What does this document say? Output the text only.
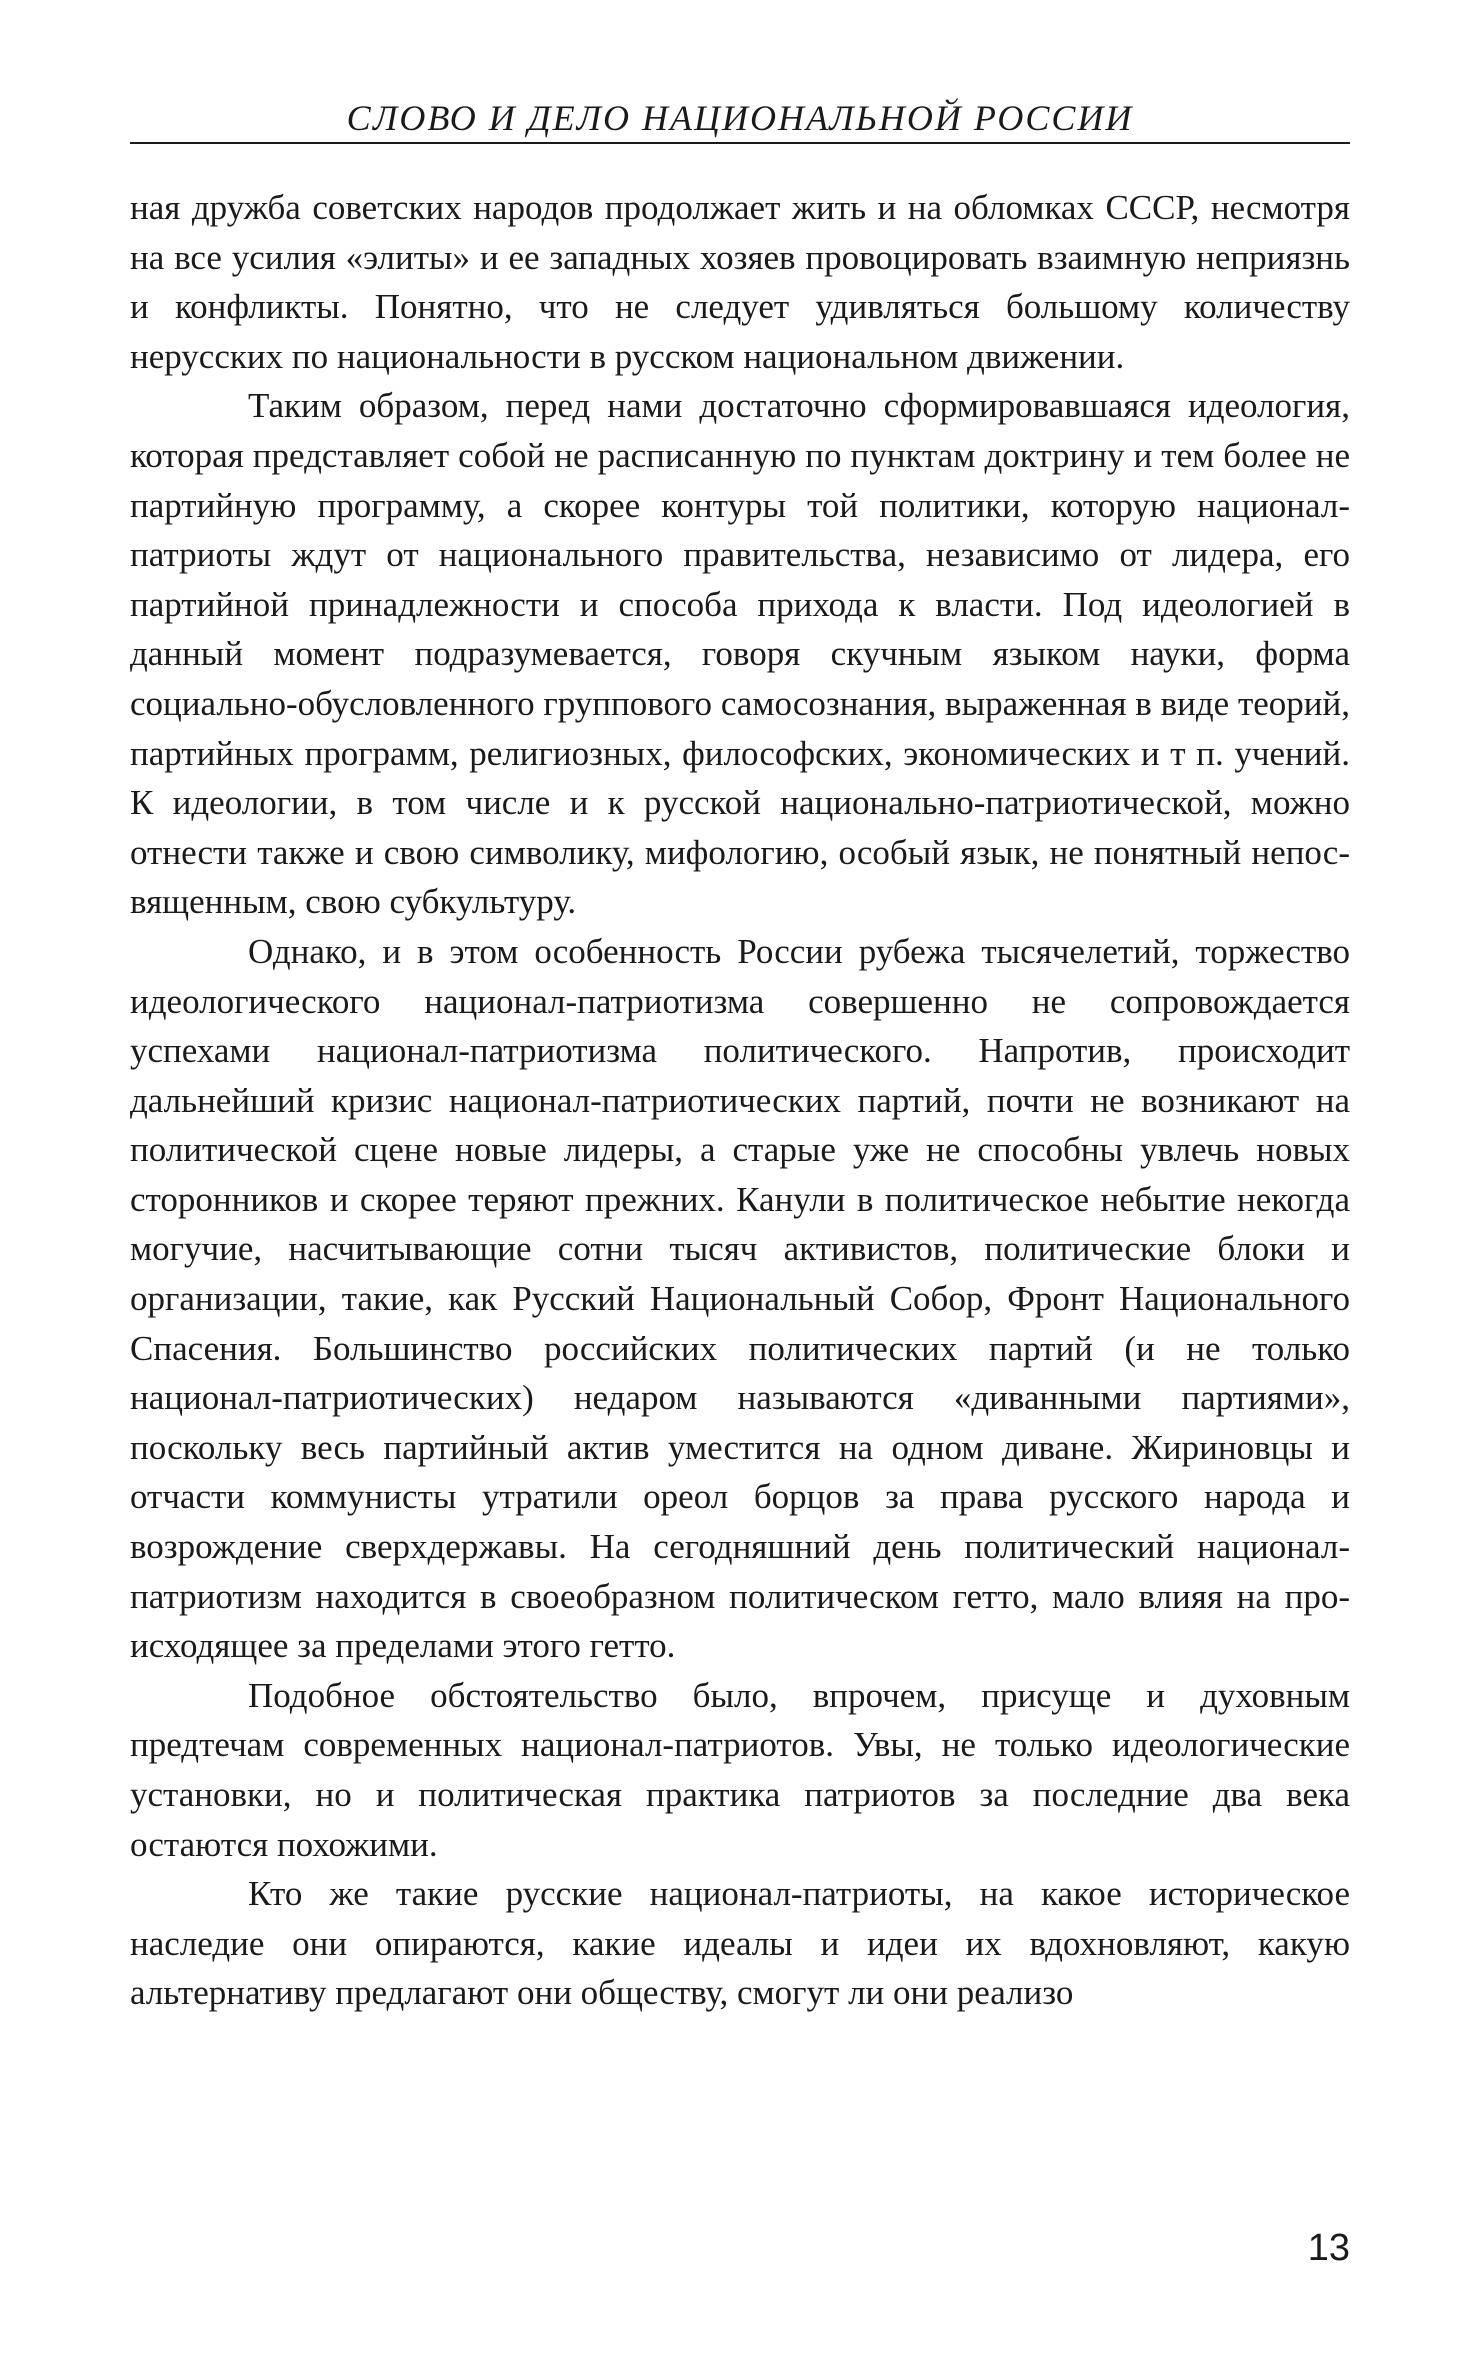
СЛОВО И ДЕЛО НАЦИОНАЛЬНОЙ РОССИИ

ная дружба советских народов продолжает жить и на обломках СССР, несмотря на все усилия «элиты» и ее западных хозяев провоцировать взаимную неприязнь и конфликты. Понятно, что не следует удивляться большому количеству нерусских по национальности в русском национальном движении.

Таким образом, перед нами достаточно сформировавшаяся идеология, которая представляет собой не расписанную по пунктам доктрину и тем более не партийную программу, а скорее контуры той политики, которую национал-патриоты ждут от национального правительства, независимо от лидера, его партийной принадлежности и способа прихода к власти. Под идеологией в данный момент подразумевается, говоря скучным языком науки, форма социально-обусловленного группового самосознания, выраженная в виде теорий, партийных программ, религиозных, философских, экономических и т п. учений. К идеологии, в том числе и к русской национально-патриотической, можно отнести также и свою символику, мифологию, особый язык, не понятный непосвященным, свою субкультуру.

Однако, и в этом особенность России рубежа тысячелетий, торжество идеологического национал-патриотизма совершенно не сопровождается успехами национал-патриотизма политического. Напротив, происходит дальнейший кризис национал-патриотических партий, почти не возникают на политической сцене новые лидеры, а старые уже не способны увлечь новых сторонников и скорее теряют прежних. Канули в политическое небытие некогда могучие, насчитывающие сотни тысяч активистов, политические блоки и организации, такие, как Русский Национальный Собор, Фронт Национального Спасения. Большинство российских политических партий (и не только национал-патриотических) недаром называются «диванными партиями», поскольку весь партийный актив уместится на одном диване. Жириновцы и отчасти коммунисты утратили ореол борцов за права русского народа и возрождение сверхдержавы. На сегодняшний день политический национал-патриотизм находится в своеобразном политическом гетто, мало влияя на происходящее за пределами этого гетто.

Подобное обстоятельство было, впрочем, присуще и духовным предтечам современных национал-патриотов. Увы, не только идеологические установки, но и политическая практика патриотов за последние два века остаются похожими.

Кто же такие русские национал-патриоты, на какое историческое наследие они опираются, какие идеалы и идеи их вдохновляют, какую альтернативу предлагают они обществу, смогут ли они реализо

13
